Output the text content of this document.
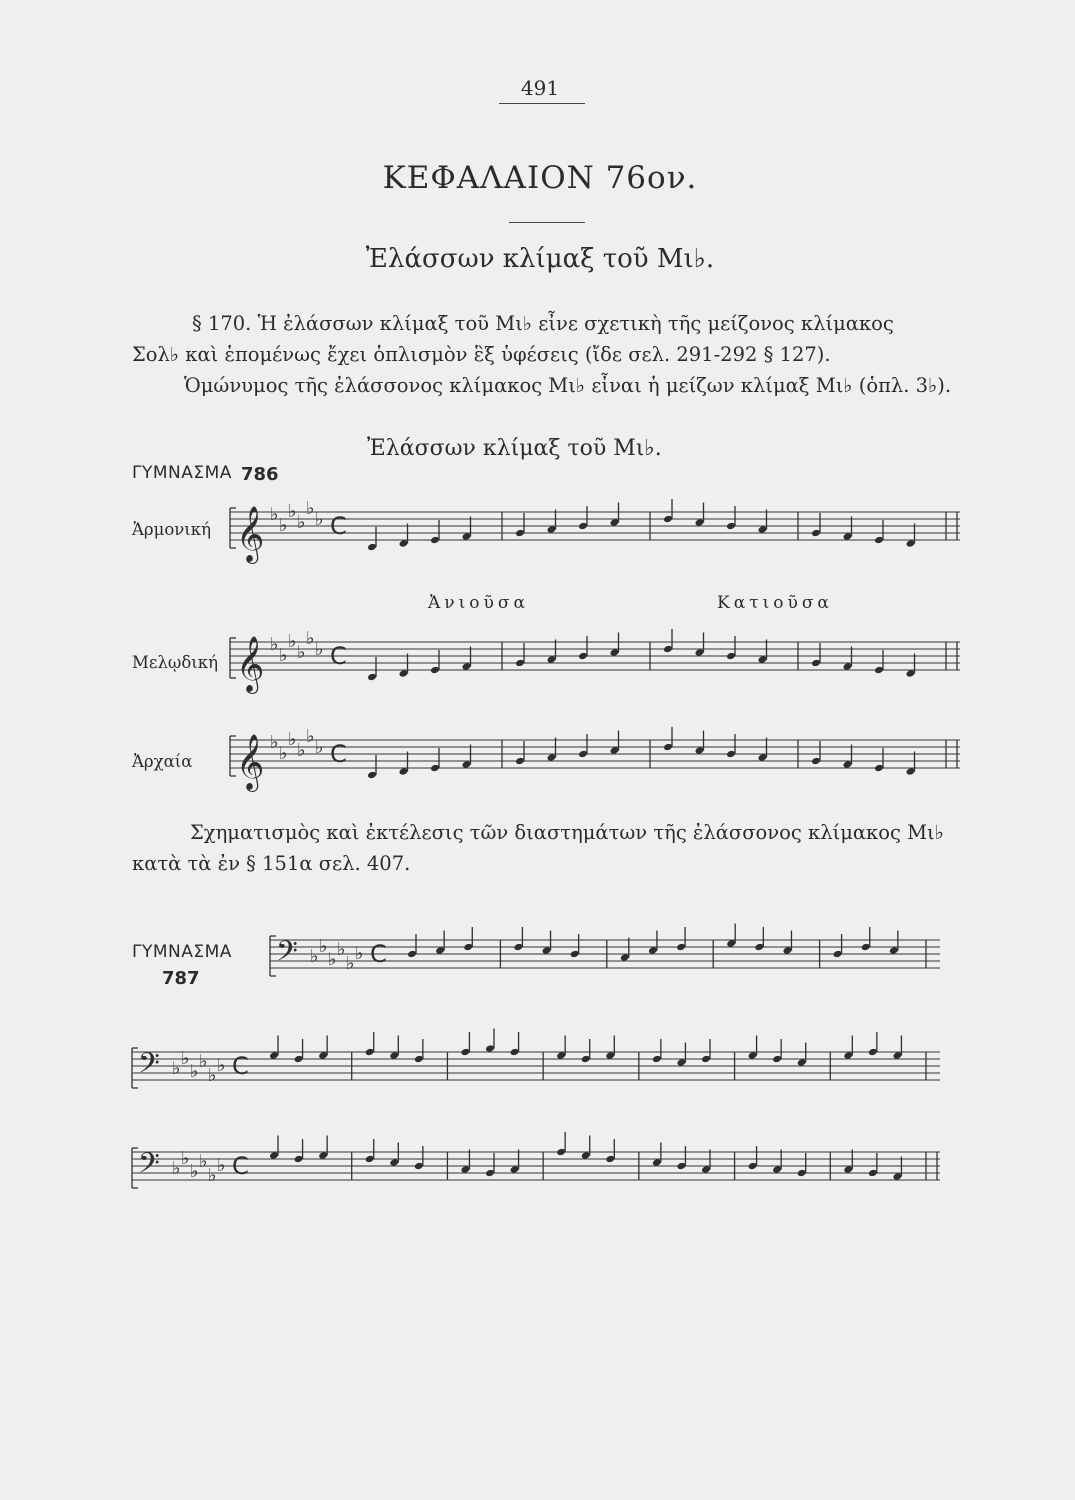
491
ΚΕΦΑΛΑΙΟΝ 76ον.
Ἐλάσσων κλίμαξ τοῦ Μι♭.
§ 170. Ἡ ἐλάσσων κλίμαξ τοῦ Μι♭ εἶνε σχετικὴ τῆς μείζονος κλίμακος
Σολ♭ καὶ ἑπομένως ἔχει ὁπλισμὸν ἓξ ὑφέσεις (ἴδε σελ. 291-292 § 127).
Ὁμώνυμος τῆς ἐλάσσονος κλίμακος Μι♭ εἶναι ἡ μείζων κλίμαξ Μι♭ (ὁπλ. 3♭).
Ἐλάσσων κλίμαξ τοῦ Μι♭.
ΓΥΜΝΑΣΜΑ 786
Ἁρμονική
Μελῳδική
Ἀρχαία
Ἀνιοῦσα	Κατιοῦσα
𝄞 ♭
♭
♭
♭
♭
♭ C
𝄞 ♭
♭
♭
♭
♭
♭ C
𝄞 ♭
♭
♭
♭
♭
♭ C
Σχηματισμὸς καὶ ἐκτέλεσις τῶν διαστημάτων τῆς ἐλάσσονος κλίμακος Μι♭
κατὰ τὰ ἐν § 151α σελ. 407.
ΓΥΜΝΑΣΜΑ
787
𝄢 ♭ ♭
♭ ♭
♭ ♭ C
𝄢 ♭ ♭
♭ ♭
♭ ♭ C
𝄢 ♭ ♭
♭ ♭
♭ ♭ C
